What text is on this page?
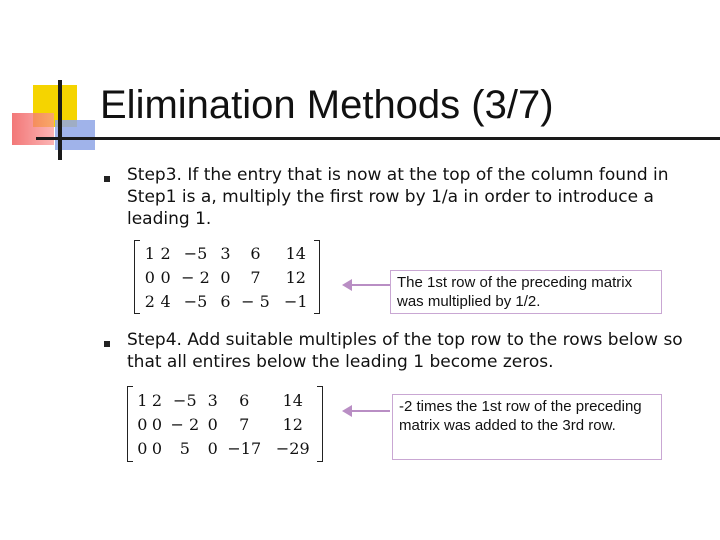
Elimination Methods (3/7)

Step3. If the entry that is now at the top of the column found in Step1 is a, multiply the first row by 1/a in order to introduce a leading 1.

1	2	−5	3	6	14
0	0	− 2	0	7	12
2	4	−5	6	− 5	−1
The 1st row of the preceding matrix was multiplied by 1/2.

Step4. Add suitable multiples of the top row to the rows below so that all entires below the leading 1 become zeros.

1	2	−5	3	6	14
0	0	− 2	0	7	12
0	0	5	0	−17	−29
-2 times the 1st row of the preceding matrix was added to the 3rd row.
